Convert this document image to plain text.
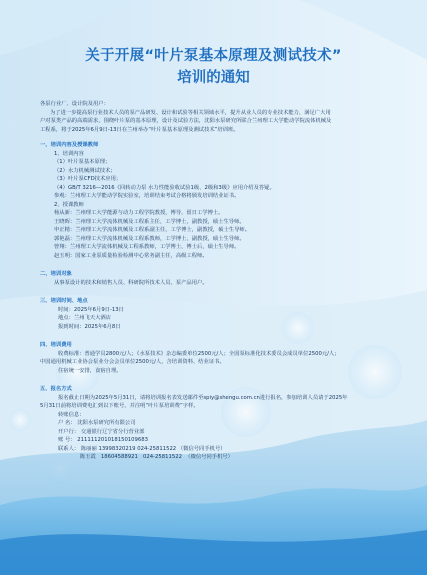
关于开展“叶片泵基本原理及测试技术”
培训的通知
各泵行业厂、设计院及用户：
为了进一步提高泵行业技术人员的泵产品研发、设计和试验等相关领域水平，提升从业人员的专业技术能力，满足广大用
户对泵类产品的高端需求，围绕叶片泵的基本原理，设计及试验方法，沈阳水泵研究所联合兰州理工大学能动学院流体机械及
工程系，将于2025年6月9日-13日在兰州举办“叶片泵基本原理及测试技术”培训班。
一、培训内容及授课教师
1、培训内容
（1）叶片泵基本原理；
（2）水力机械测试技术；
（3）叶片泵CFD技术应用；
（4）GB/T 3216—2016《回转动力泵 水力性能验收试验1级、2级和3级》应用介绍及答疑。
参观：兰州理工大学能动学院实验室，培训结束考试合格将颁发培训结业证书。
2、授课教师
杨从新：兰州理工大学能源与动力工程学院教授，博导，留日工学博士。
王晓晖：兰州理工大学流体机械及工程系主任，工学博士，副教授，硕士生导师。
申正精：兰州理工大学流体机械及工程系副主任，工学博士，副教授，硕士生导师。
郭艳磊：兰州理工大学流体机械及工程系教师，工学博士，副教授，硕士生导师。
曾翔：兰州理工大学流体机械及工程系教师，工学博士，博士后，硕士生导师。
赵玉明：国家工业泵质量检验检测中心常务副主任，高级工程师。
二、培训对象
从事泵设计的技术和销售人员、科研院所技术人员、泵产品用户。
三、培训时间、地点
时间：2025年6月9日-13日
地点：兰州飞天大酒店
报到时间：2025年6月8日
四、培训费用
收费标准：普通学员2800元/人；《水泵技术》杂志编委单位2500元/人；全国泵标准化技术委员会成员单位2500元/人；
中国通用机械工业协会泵业分会会员单位2500元/人，含培训资料、结业证书。
住宿统一安排，食宿自理。
五、报名方式
报名截止日期为2025年5月31日，请将培训报名表发送邮件至spiy@shengu.com.cn进行报名，参加培训人员请于2025年
5月31日前将培训费电汇到以下账号，并注明“叶片泵培训费”字样。
转账信息：
户 名： 沈阳水泵研究所有限公司
开户行： 交通银行辽宁省分行营业部
账 号： 211111201018150109683
联系人： 陈丽丽 13998320219 024-25811522 （微信号同手机号）
陈玉霞   18604588921   024-25811522  （微信号同手机号）
